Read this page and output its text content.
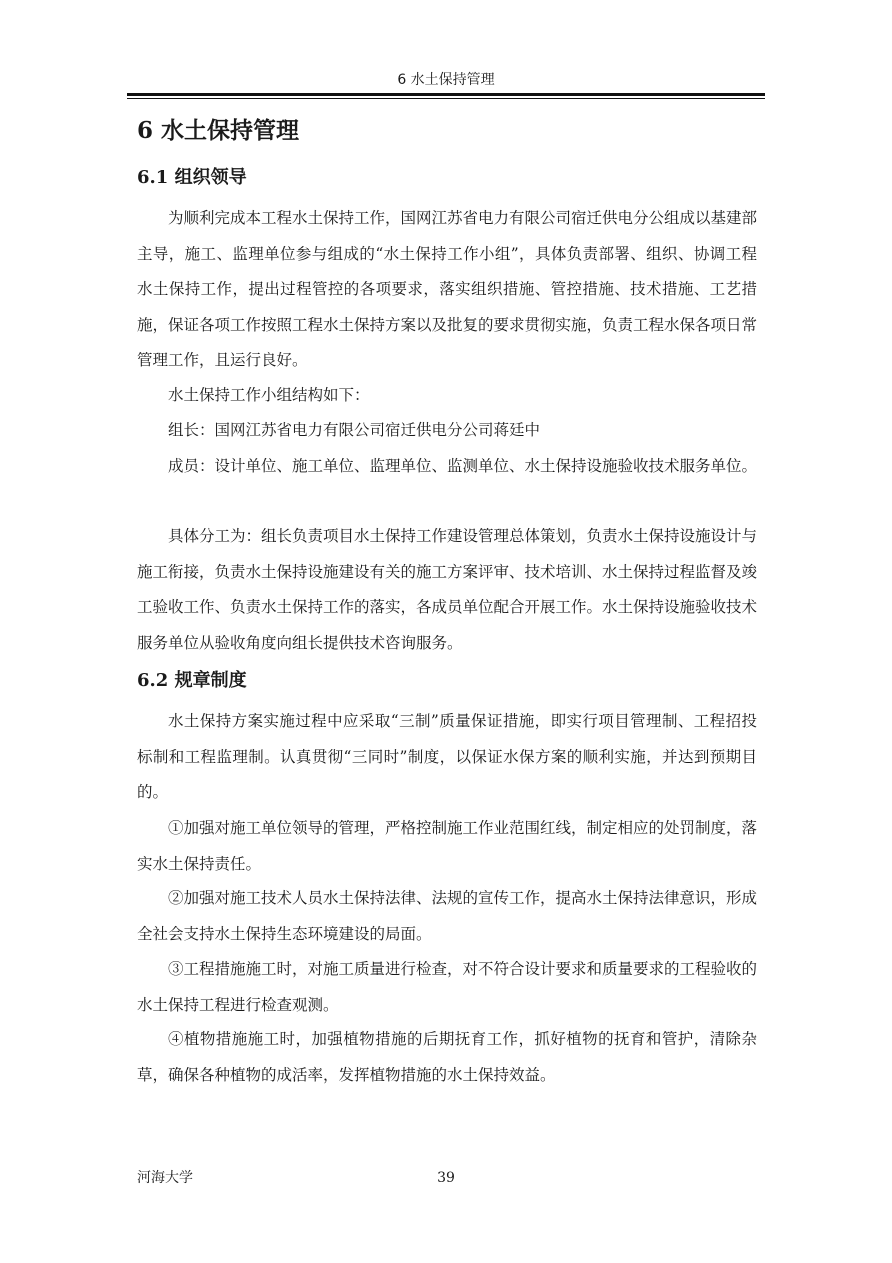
6 水土保持管理
6 水土保持管理
6.1 组织领导

为顺利完成本工程水土保持工作，国网江苏省电力有限公司宿迁供电分公组成以基建部主导，施工、监理单位参与组成的“水土保持工作小组”，具体负责部署、组织、协调工程水土保持工作，提出过程管控的各项要求，落实组织措施、管控措施、技术措施、工艺措施，保证各项工作按照工程水土保持方案以及批复的要求贯彻实施，负责工程水保各项日常管理工作，且运行良好。

水土保持工作小组结构如下：

组长：国网江苏省电力有限公司宿迁供电分公司蒋廷中

成员：设计单位、施工单位、监理单位、监测单位、水土保持设施验收技术服务单位。

具体分工为：组长负责项目水土保持工作建设管理总体策划，负责水土保持设施设计与施工衔接，负责水土保持设施建设有关的施工方案评审、技术培训、水土保持过程监督及竣工验收工作、负责水土保持工作的落实，各成员单位配合开展工作。水土保持设施验收技术服务单位从验收角度向组长提供技术咨询服务。

6.2 规章制度

水土保持方案实施过程中应采取“三制”质量保证措施，即实行项目管理制、工程招投标制和工程监理制。认真贯彻“三同时”制度，以保证水保方案的顺利实施，并达到预期目的。

①加强对施工单位领导的管理，严格控制施工作业范围红线，制定相应的处罚制度，落实水土保持责任。

②加强对施工技术人员水土保持法律、法规的宣传工作，提高水土保持法律意识，形成全社会支持水土保持生态环境建设的局面。

③工程措施施工时，对施工质量进行检查，对不符合设计要求和质量要求的工程验收的水土保持工程进行检查观测。

④植物措施施工时，加强植物措施的后期抚育工作，抓好植物的抚育和管护，清除杂草，确保各种植物的成活率，发挥植物措施的水土保持效益。

河海大学	39
